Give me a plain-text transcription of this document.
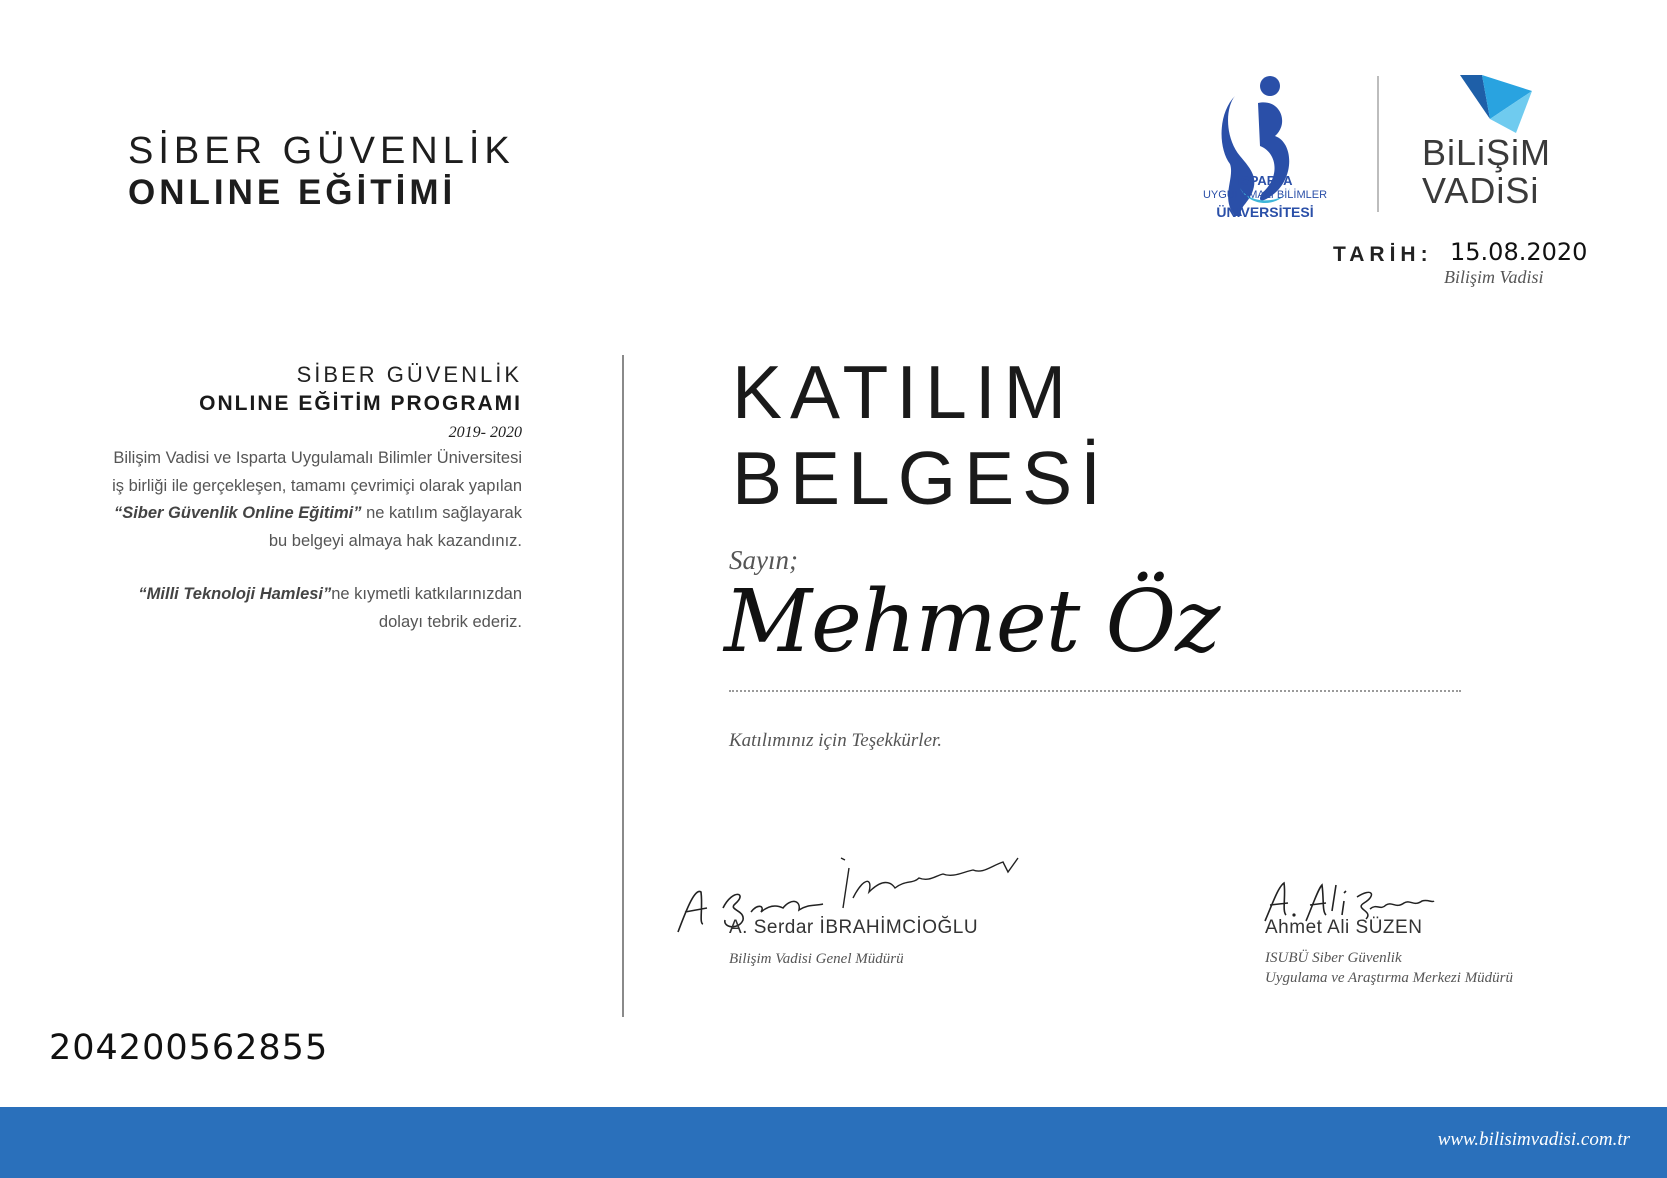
SİBER GÜVENLİK
ONLINE EĞİTİMİ	ISPARTA
UYGULAMALI BİLİMLER
ÜNİVERSİTESİ
BiLiŞiM
VADiSi
TARİH: 15.08.2020
Bilişim Vadisi
SİBER GÜVENLİK
ONLINE EĞİTİM PROGRAMI
2019- 2020
Bilişim Vadisi ve Isparta Uygulamalı Bilimler Üniversitesi iş birliği ile gerçekleşen, tamamı çevrimiçi olarak yapılan “Siber Güvenlik Online Eğitimi” ne katılım sağlayarak bu belgeyi almaya hak kazandınız.
“Milli Teknoloji Hamlesi”ne kıymetli katkılarınızdan dolayı tebrik ederiz.
KATILIM
BELGESİ
Sayın;
Mehmet Öz
Katılımınız için Teşekkürler.
A. Serdar İBRAHİMCİOĞLU
Bilişim Vadisi Genel Müdürü
Ahmet Ali SÜZEN
ISUBÜ Siber Güvenlik
Uygulama ve Araştırma Merkezi Müdürü
204200562855
www.bilisimvadisi.com.tr
